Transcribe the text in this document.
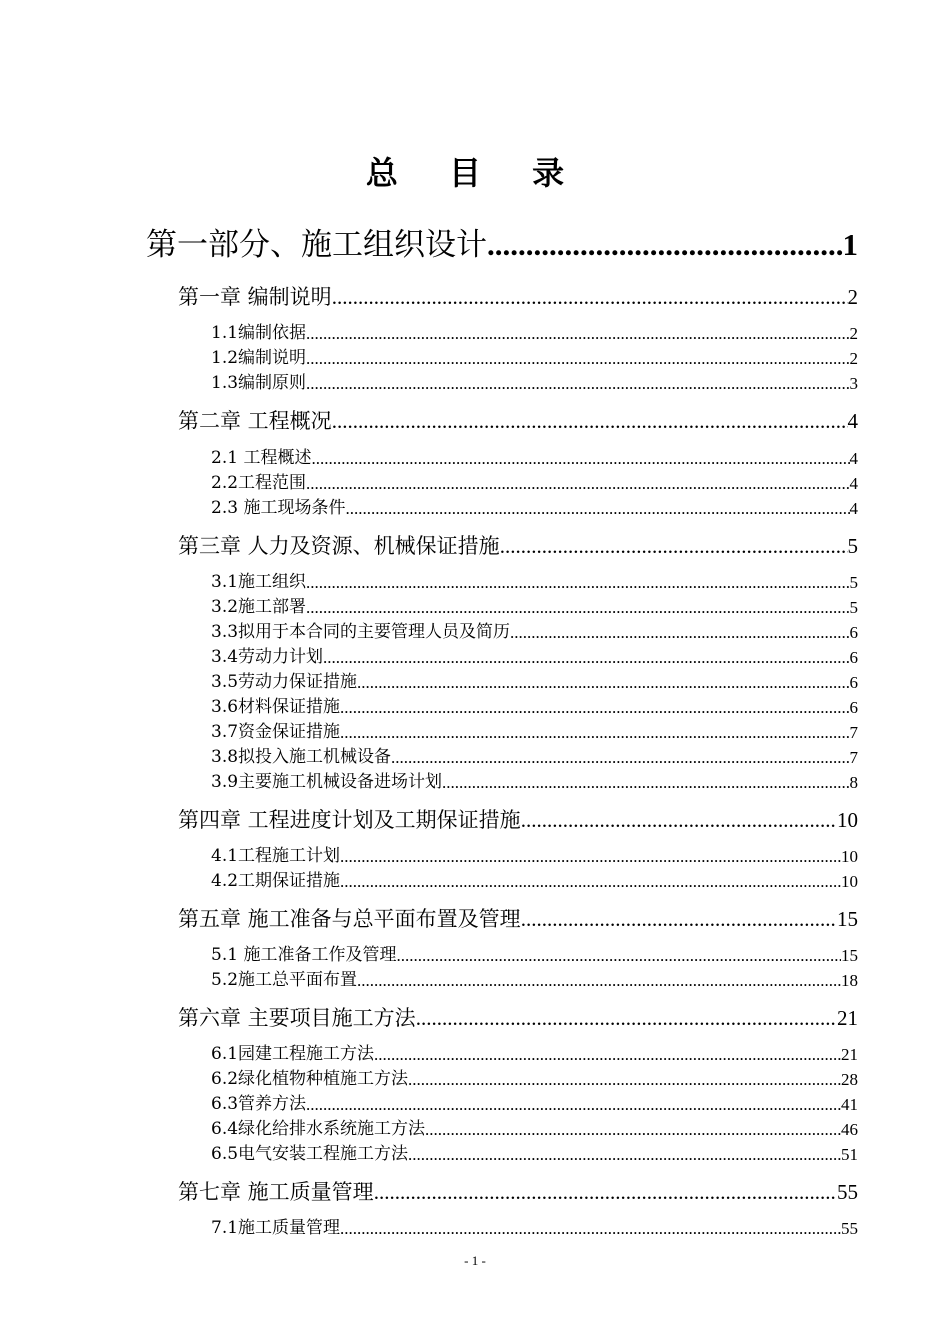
总 目 录
第一部分、施工组织设计 .....	1
第一章 编制说明 .....	2
1.1编制依据 .....	2
1.2编制说明 .....	2
1.3编制原则 .....	3
第二章 工程概况 .....	4
2.1 工程概述 .....	4
2.2工程范围 .....	4
2.3 施工现场条件 .....	4
第三章 人力及资源、机械保证措施 .....	5
3.1施工组织 .....	5
3.2施工部署 .....	5
3.3拟用于本合同的主要管理人员及简历 .....	6
3.4劳动力计划 .....	6
3.5劳动力保证措施 .....	6
3.6材料保证措施 .....	6
3.7资金保证措施 .....	7
3.8拟投入施工机械设备 .....	7
3.9主要施工机械设备进场计划 .....	8
第四章 工程进度计划及工期保证措施 .....	10
4.1工程施工计划 .....	10
4.2工期保证措施 .....	10
第五章 施工准备与总平面布置及管理 .....	15
5.1 施工准备工作及管理 .....	15
5.2施工总平面布置 .....	18
第六章 主要项目施工方法 .....	21
6.1园建工程施工方法 .....	21
6.2绿化植物种植施工方法 .....	28
6.3管养方法 .....	41
6.4绿化给排水系统施工方法 .....	46
6.5电气安装工程施工方法 .....	51
第七章 施工质量管理 .....	55
7.1施工质量管理 .....	55
- 1 -
